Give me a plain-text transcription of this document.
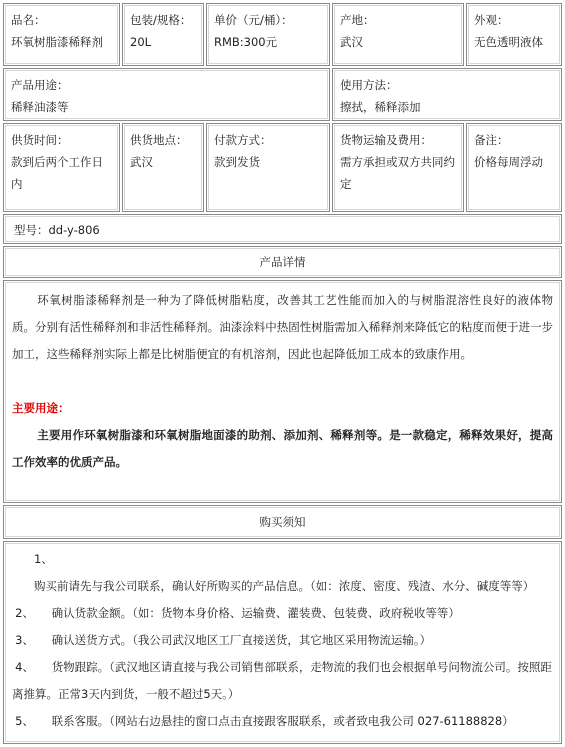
品名：
环氧树脂漆稀释剂
包装/规格：
20L
单价（元/桶）：
RMB:300元
产地：
武汉
外观：
无色透明液体
产品用途：
稀释油漆等
使用方法：
擦拭，稀释添加
供货时间：
款到后两个工作日内
供货地点：
武汉
付款方式：
款到发货
货物运输及费用：
需方承担或双方共同约定
备注：
价格每周浮动
型号：dd-y-806
产品详情

环氧树脂漆稀释剂是一种为了降低树脂粘度，改善其工艺性能而加入的与树脂混溶性良好的液体物质。分别有活性稀释剂和非活性稀释剂。油漆涂料中热固性树脂需加入稀释剂来降低它的粘度而便于进一步加工，这些稀释剂实际上都是比树脂便宜的有机溶剂，因此也起降低加工成本的致康作用。

主要用途：

主要用作环氧树脂漆和环氧树脂地面漆的助剂、添加剂、稀释剂等。是一款稳定，稀释效果好，提高工作效率的优质产品。

购买须知

1、 购买前请先与我公司联系，确认好所购买的产品信息。（如：浓度、密度、残渣、水分、碱度等等）

2、 确认货款金额。（如：货物本身价格、运输费、灌装费、包装费、政府税收等等）

3、 确认送货方式。（我公司武汉地区工厂直接送货，其它地区采用物流运输。）

4、 货物跟踪。（武汉地区请直接与我公司销售部联系，走物流的我们也会根据单号问物流公司。按照距离推算。正常3天内到货，一般不超过5天。）

5、 联系客服。（网站右边悬挂的窗口点击直接跟客服联系，或者致电我公司 027-61188828）
